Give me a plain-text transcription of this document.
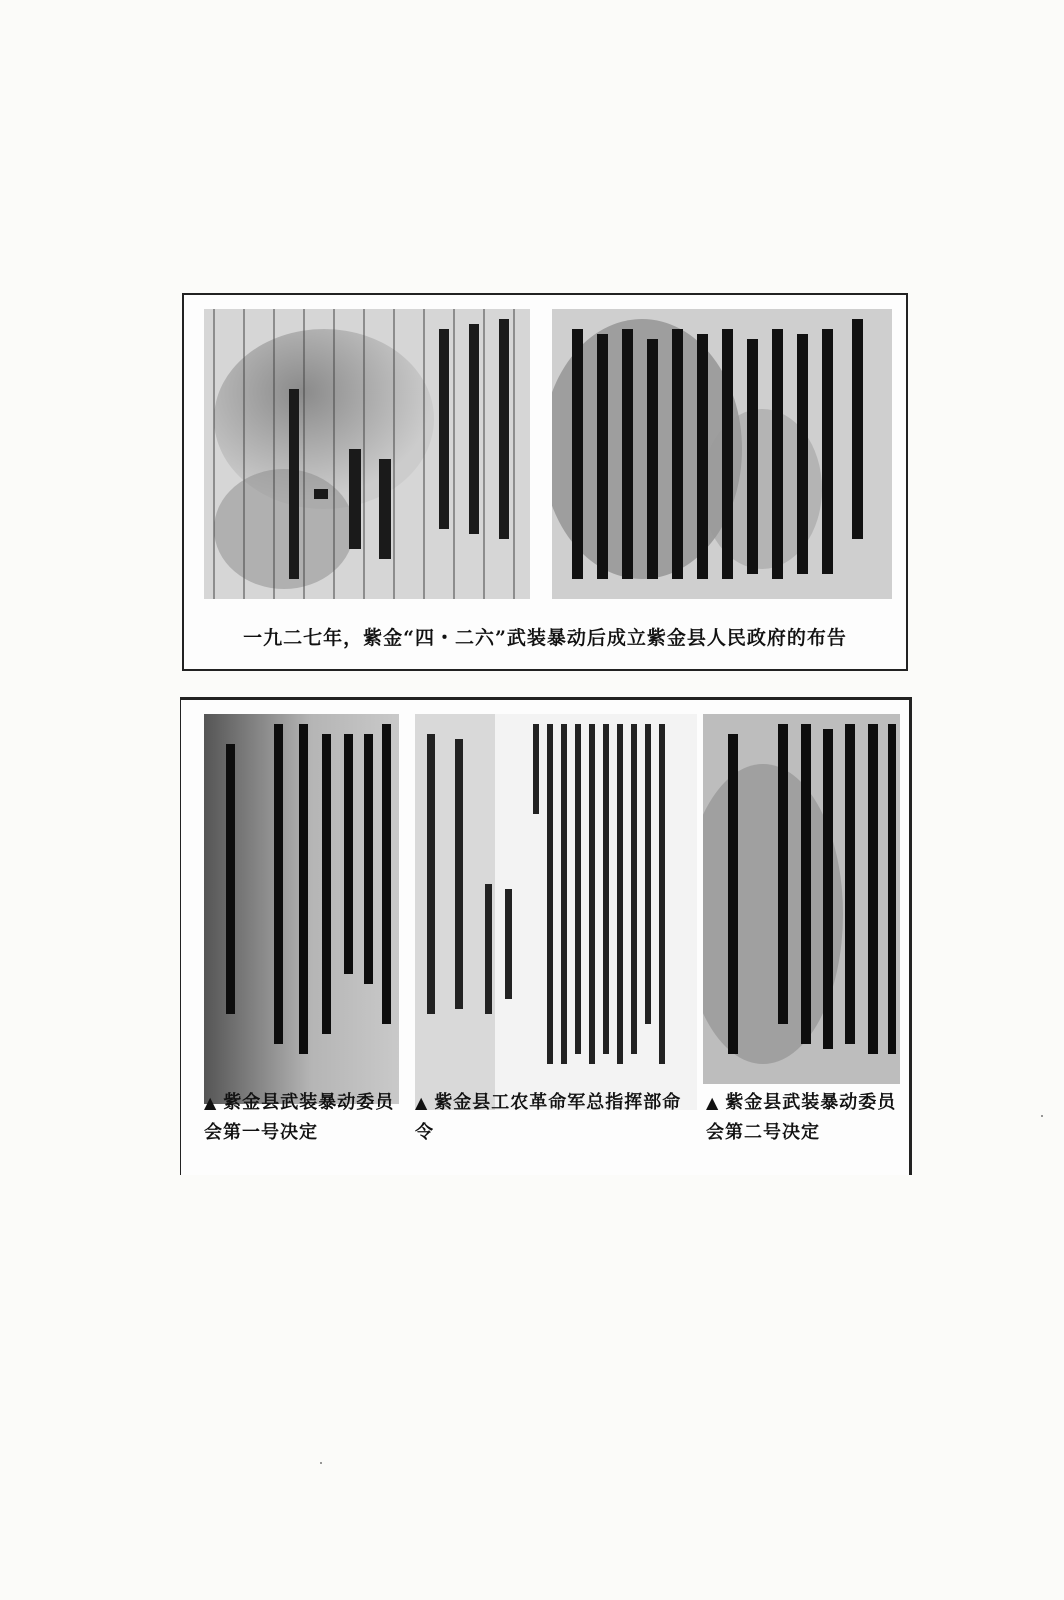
一九二七年，紫金“四・二六”武装暴动后成立紫金县人民政府的布告
▲ 紫金县武装暴动委员会第一号决定
▲ 紫金县工农革命军总指挥部命令
▲ 紫金县武装暴动委员会第二号决定
